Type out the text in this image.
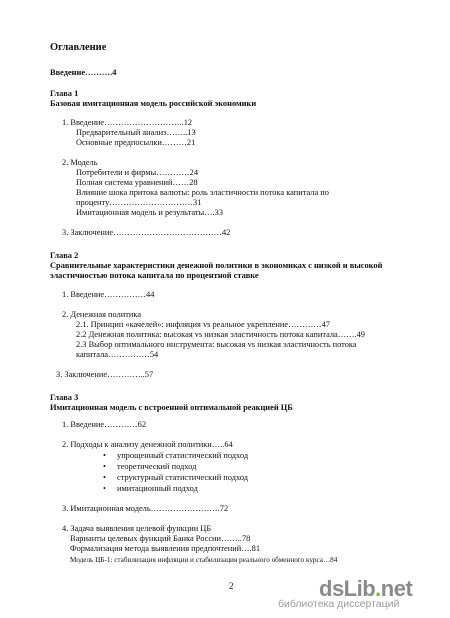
Оглавление
Введение……….4
Глава 1
Базовая имитационная модель российской экономики
1. Введение………………………..12
Предварительный анализ……..13
Основные предпосылки………21
2. Модель
Потребители и фирмы…………24
Полная система уравнений……28
Влияние шока притока валюты: роль эластичности потока капитала по
проценту…………………………31
Имитационная модель и результаты….33
3. Заключение…………………………………42
Глава 2
Сравнительные характеристики денежной политики в экономиках с низкой и высокой
эластичностью потока капитала по процентной ставке
1. Введение……………44
2. Денежная политика
2.1. Принцип «качелей»: инфляция vs реальное укрепление…………47
2.2 Денежная политика: высокая vs низкая эластичность потока капитала…….49
2.3 Выбор оптимального инструмента: высокая vs низкая эластичность потока
капитала……………54
3. Заключение…………..57
Глава 3
Имитационная модель с встроенной оптимальной реакцией ЦБ
1. Введение…………62
2. Подходы к анализу денежной политики…..64
• упрощенный статистический подход
• теоретический подход
• структурный статистический подход
• имитационный подход
3. Имитационная модель…………………….72
4. Задача выявления целевой функции ЦБ
Варианты целевых функций Банка России……..78
Формализация метода выявления предпочтений….81
Модель ЦБ-1: стабилизация инфляции и стабилизация реального обменного курса…84
2	dsLib.net
библиотека диссертаций
